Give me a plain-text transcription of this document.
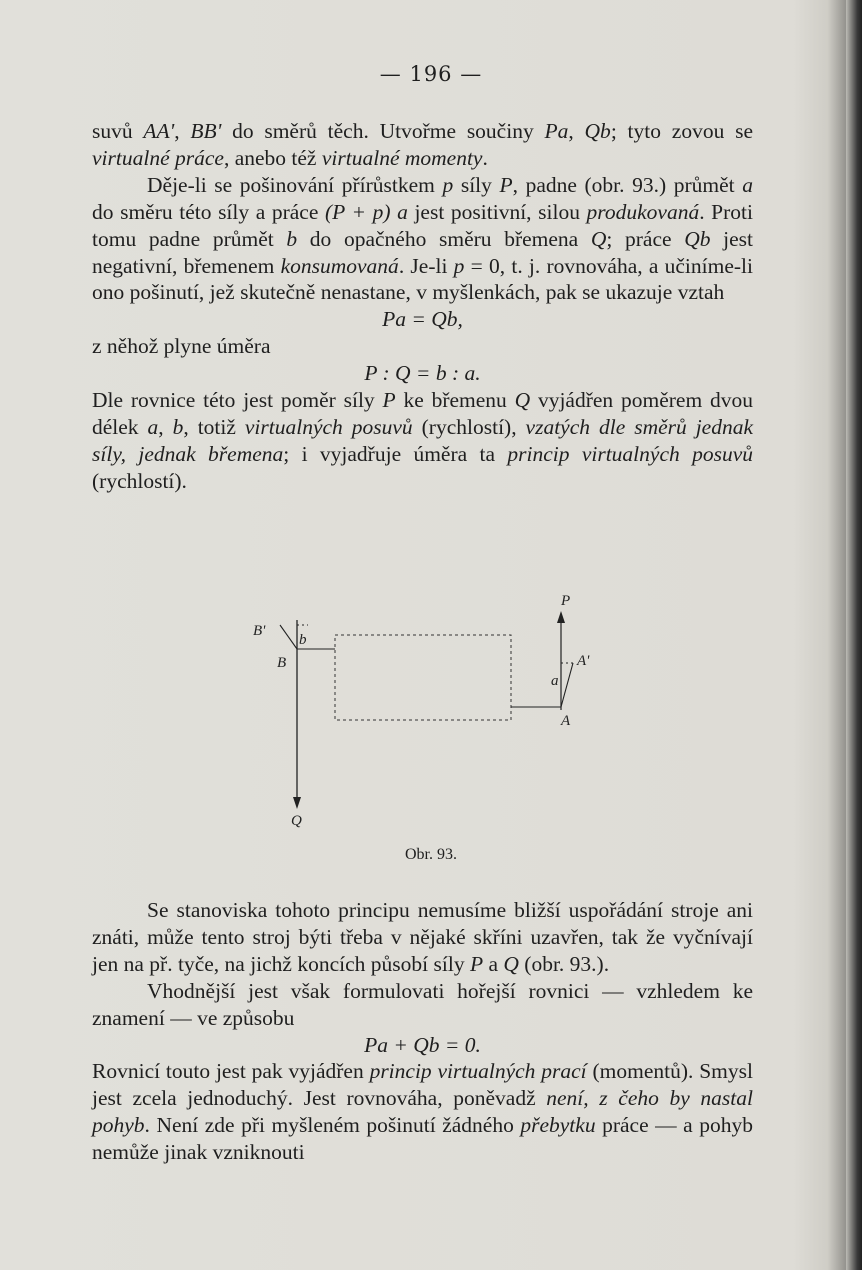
— 196 —

suvů AA', BB' do směrů těch. Utvořme součiny Pa, Qb; tyto zovou se virtualné práce, anebo též virtualné momenty.

Děje-li se pošinování přírůstkem p síly P, padne (obr. 93.) průmět a do směru této síly a práce (P + p) a jest positivní, silou produkovaná. Proti tomu padne průmět b do opačného směru břemena Q; práce Qb jest negativní, břemenem konsumovaná. Je-li p = 0, t. j. rovnováha, a učiníme-li ono pošinutí, jež skutečně nenastane, v myšlenkách, pak se ukazuje vztah

Pa = Qb,

z něhož plyne úměra

P : Q = b : a.

Dle rovnice této jest poměr síly P ke břemenu Q vyjádřen poměrem dvou délek a, b, totiž virtualných posuvů (rychlostí), vzatých dle směrů jednak síly, jednak břemena; i vyjadřuje úměra ta princip virtualných posuvů (rychlostí).

B'
b
B
Q
P
A'
a
A
Obr. 93.

Se stanoviska tohoto principu nemusíme bližší uspořádání stroje ani znáti, může tento stroj býti třeba v nějaké skříni uzavřen, tak že vyčnívají jen na př. tyče, na jichž koncích působí síly P a Q (obr. 93.).

Vhodnější jest však formulovati hořejší rovnici — vzhledem ke znamení — ve způsobu

Pa + Qb = 0.

Rovnicí touto jest pak vyjádřen princip virtualných prací (momentů). Smysl jest zcela jednoduchý. Jest rovnováha, poněvadž není, z čeho by nastal pohyb. Není zde při myšleném pošinutí žádného přebytku práce — a pohyb nemůže jinak vzniknouti
